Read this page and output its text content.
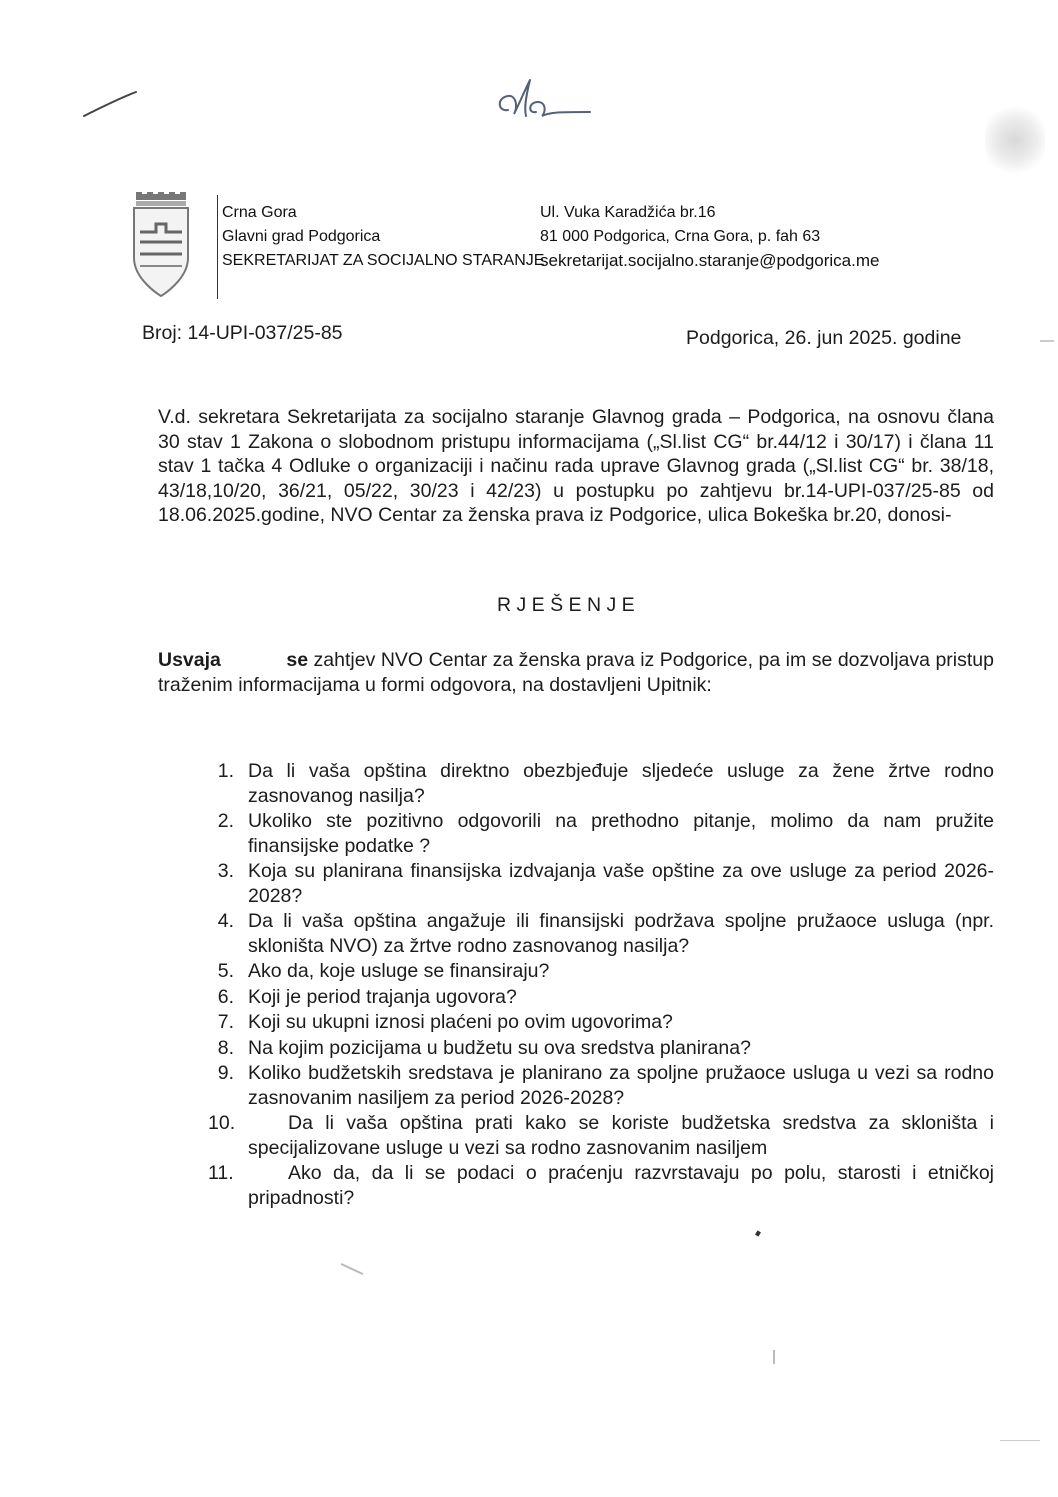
Crna Gora
Glavni grad Podgorica
SEKRETARIJAT ZA SOCIJALNO STARANJE
Ul. Vuka Karadžića br.16
81 000 Podgorica, Crna Gora, p. fah 63
sekretarijat.socijalno.staranje@podgorica.me
Broj: 14-UPI-037/25-85	Podgorica, 26. jun 2025. godine
V.d. sekretara Sekretarijata za socijalno staranje Glavnog grada – Podgorica, na osnovu člana 30 stav 1 Zakona o slobodnom pristupu informacijama („Sl.list CG“ br.44/12 i 30/17) i člana 11 stav 1 tačka 4 Odluke o organizaciji i načinu rada uprave Glavnog grada („Sl.list CG“ br. 38/18, 43/18,10/20, 36/21, 05/22, 30/23 i 42/23) u postupku po zahtjevu br.14-UPI-037/25-85 od 18.06.2025.godine, NVO Centar za ženska prava iz Podgorice, ulica Bokeška br.20, donosi-
R J E Š E N J E
Usvaja se zahtjev NVO Centar za ženska prava iz Podgorice, pa im se dozvoljava pristup traženim informacijama u formi odgovora, na dostavljeni Upitnik:
1. Da li vaša opština direktno obezbjeđuje sljedeće usluge za žene žrtve rodno zasnovanog nasilja?
2. Ukoliko ste pozitivno odgovorili na prethodno pitanje, molimo da nam pružite finansijske podatke ?
3. Koja su planirana finansijska izdvajanja vaše opštine za ove usluge za period 2026-2028?
4. Da li vaša opština angažuje ili finansijski podržava spoljne pružaoce usluga (npr. skloništa NVO) za žrtve rodno zasnovanog nasilja?
5. Ako da, koje usluge se finansiraju?
6. Koji je period trajanja ugovora?
7. Koji su ukupni iznosi plaćeni po ovim ugovorima?
8. Na kojim pozicijama u budžetu su ova sredstva planirana?
9. Koliko budžetskih sredstava je planirano za spoljne pružaoce usluga u vezi sa rodno zasnovanim nasiljem za period 2026-2028?
10.	Da li vaša opština prati kako se koriste budžetska sredstva za skloništa i specijalizovane usluge u vezi sa rodno zasnovanim nasiljem
11.	Ako da, da li se podaci o praćenju razvrstavaju po polu, starosti i etničkoj pripadnosti?
